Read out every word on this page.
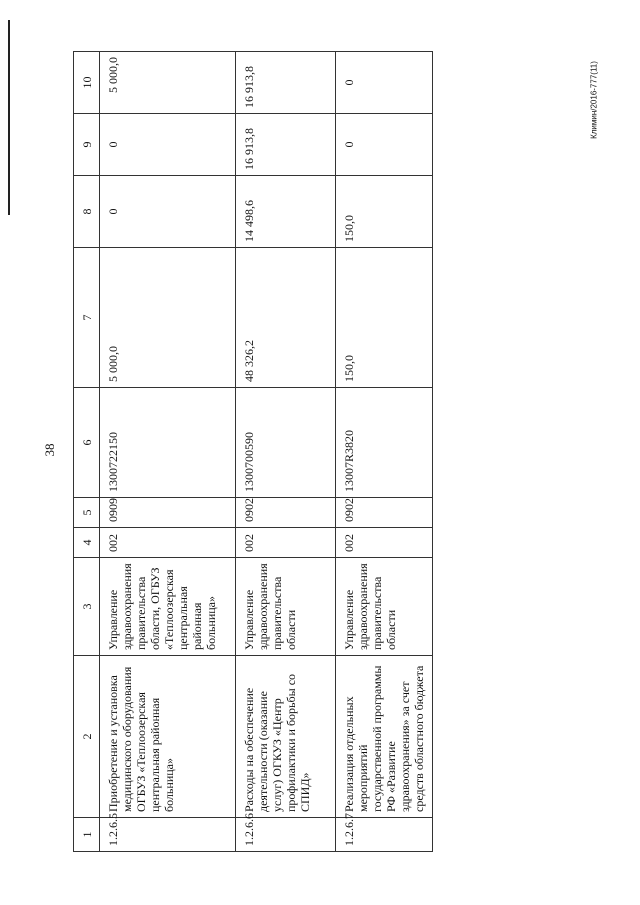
38
Климин/2016-777(11)
1	2	3	4	5	6	7	8	9	10
1.2.6.5	Приобретение и установка медицинского оборудования ОГБУЗ «Теплоозерская центральная районная больница»	Управление здравоохранения правительства области, ОГБУЗ «Теплоозерская центральная районная больница»	002	0909	1300722150	5 000,0	0	0	5 000,0
1.2.6.6	Расходы на обеспечение деятельности (оказание услуг) ОГКУЗ «Центр профилактики и борьбы со СПИД»	Управление здравоохранения правительства области	002	0902	1300700590	48 326,2	14 498,6	16 913,8	16 913,8
1.2.6.7	Реализация отдельных мероприятий государственной программы РФ «Развитие здравоохранения» за счет средств областного бюджета	Управление здравоохранения правительства области	002	0902	13007R3820	150,0	150,0	0	0
